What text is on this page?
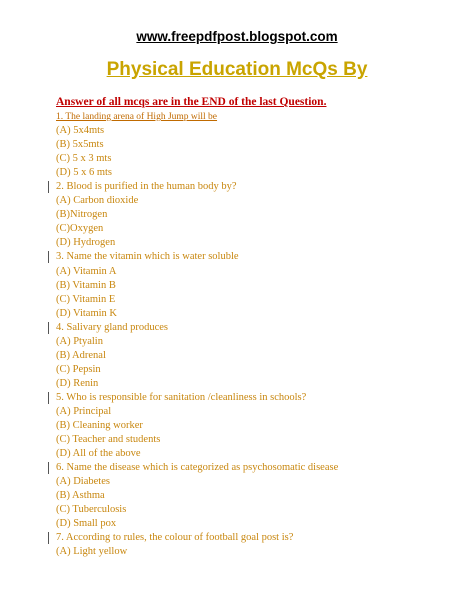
www.freepdfpost.blogspot.com
Physical Education McQs By
Answer of all mcqs are in the END of the last Question.
1. The landing arena of High Jump will be
(A) 5x4mts
(B) 5x5mts
(C) 5 x 3 mts
(D) 5 x 6 mts
2. Blood is purified in the human body by?
(A) Carbon dioxide
(B)Nitrogen
(C)Oxygen
(D) Hydrogen
3. Name the vitamin which is water soluble
(A) Vitamin A
(B) Vitamin B
(C) Vitamin E
(D) Vitamin K
4. Salivary gland produces
(A) Ptyalin
(B) Adrenal
(C) Pepsin
(D) Renin
5. Who is responsible for sanitation /cleanliness in schools?
(A) Principal
(B) Cleaning worker
(C) Teacher and students
(D) All of the above
6. Name the disease which is categorized as psychosomatic disease
(A) Diabetes
(B) Asthma
(C) Tuberculosis
(D) Small pox
7. According to rules, the colour of football goal post is?
(A) Light yellow
